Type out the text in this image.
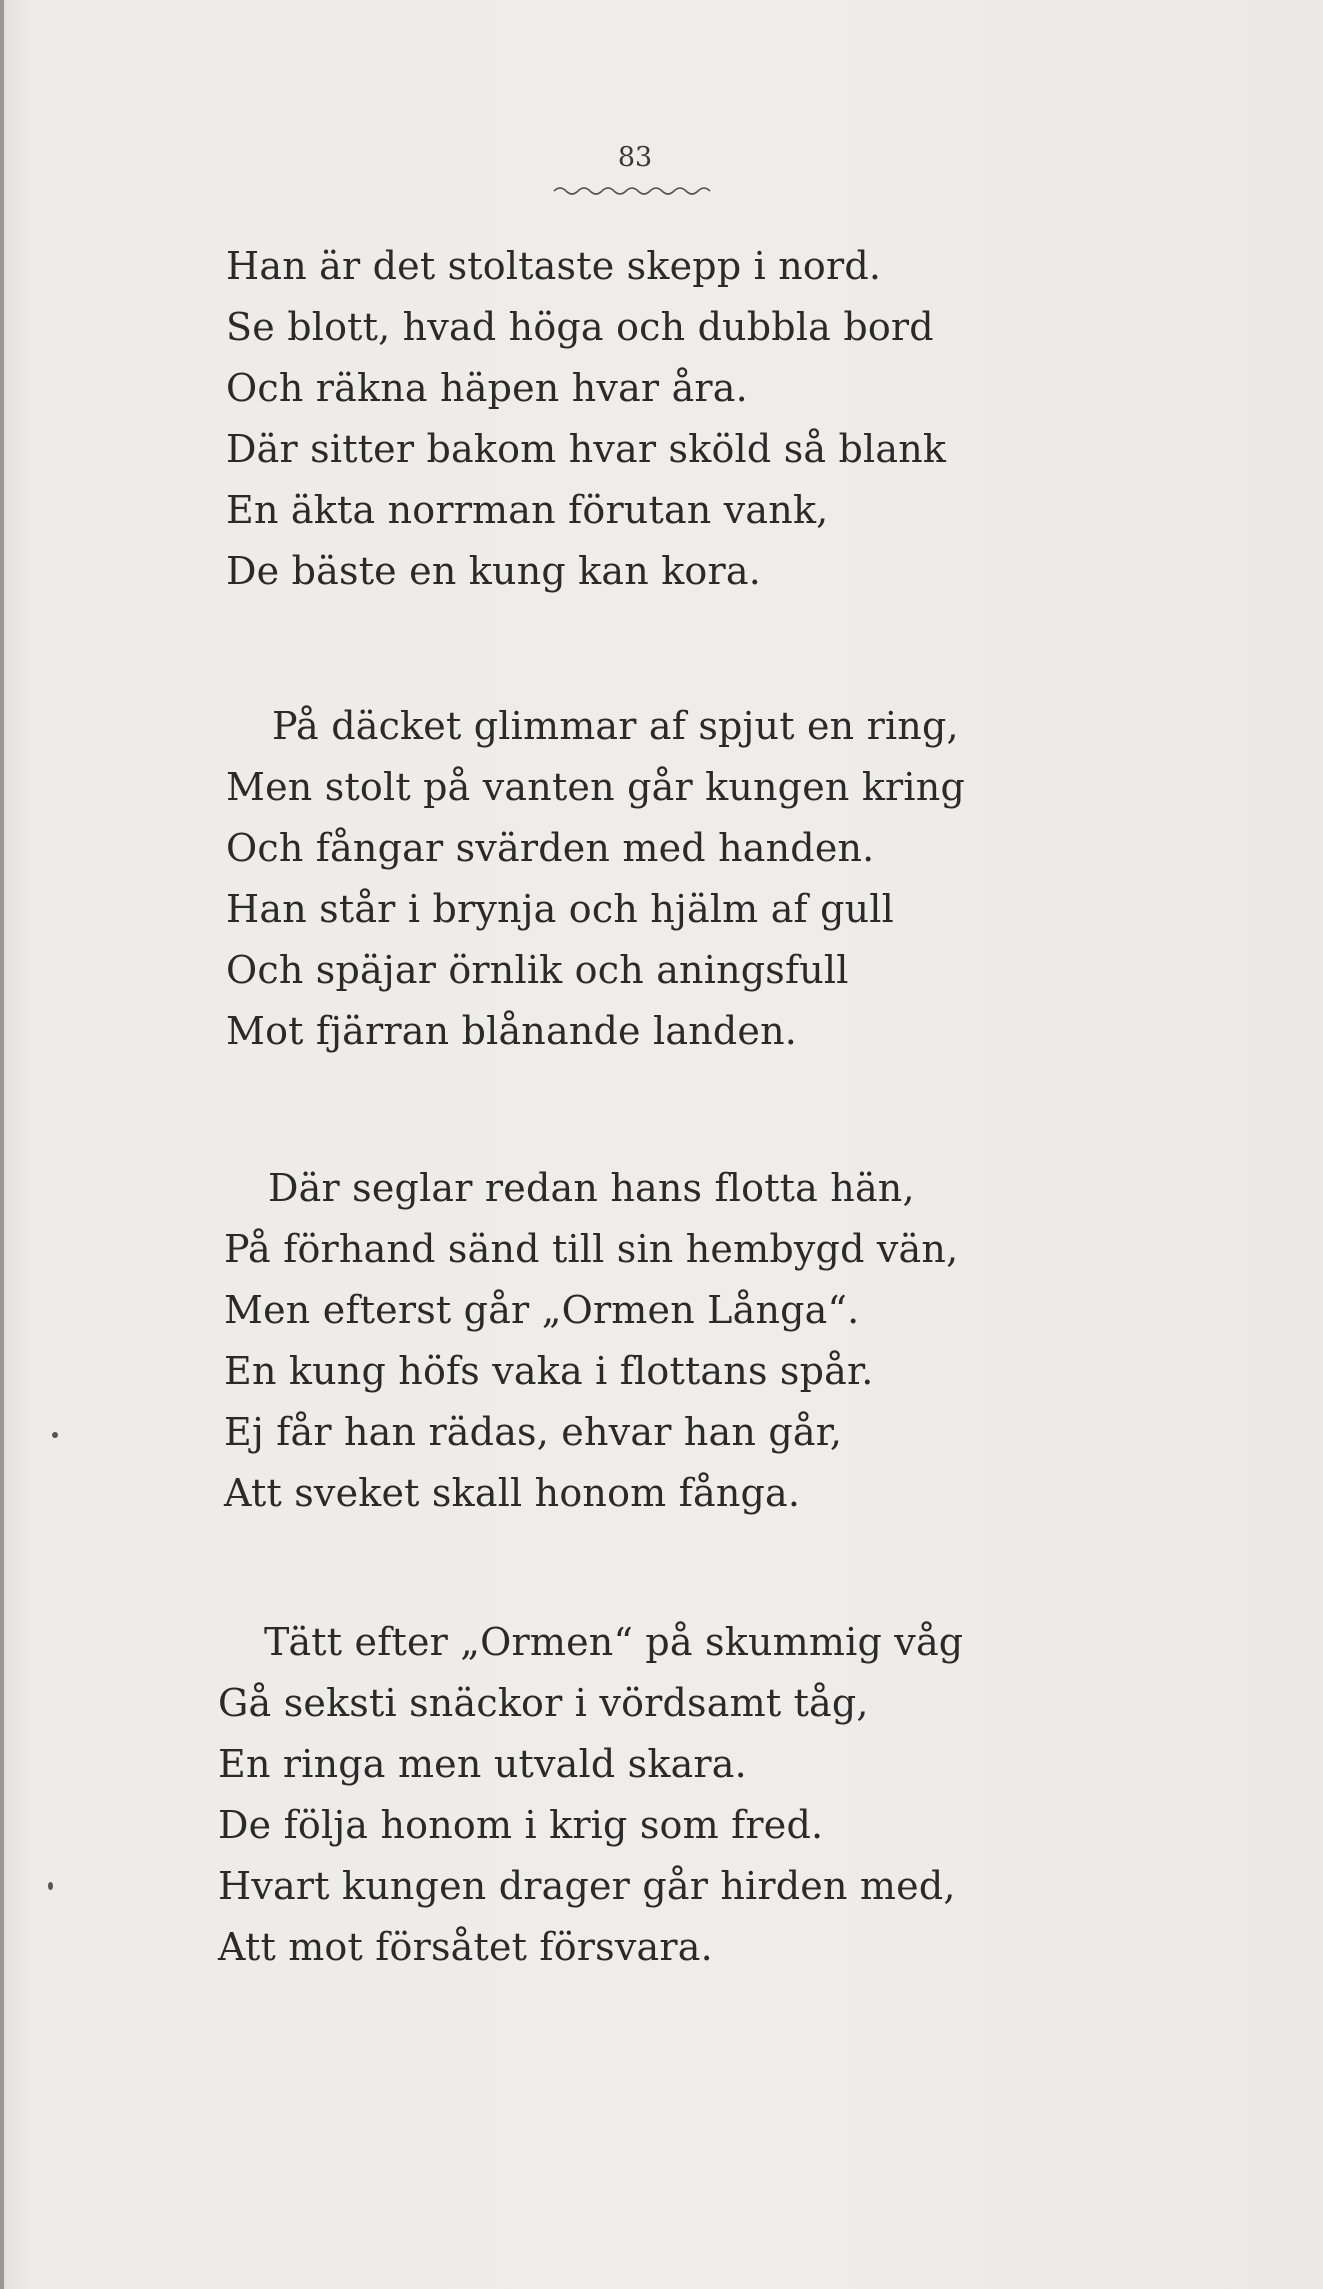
83
Han är det stoltaste skepp i nord.
Se blott, hvad höga och dubbla bord
Och räkna häpen hvar åra.
Där sitter bakom hvar sköld så blank
En äkta norrman förutan vank,
De bäste en kung kan kora.
På däcket glimmar af spjut en ring,
Men stolt på vanten går kungen kring
Och fångar svärden med handen.
Han står i brynja och hjälm af gull
Och späjar örnlik och aningsfull
Mot fjärran blånande landen.
Där seglar redan hans flotta hän,
På förhand sänd till sin hembygd vän,
Men efterst går „Ormen Långa“.
En kung höfs vaka i flottans spår.
Ej får han rädas, ehvar han går,
Att sveket skall honom fånga.
Tätt efter „Ormen“ på skummig våg
Gå seksti snäckor i vördsamt tåg,
En ringa men utvald skara.
De följa honom i krig som fred.
Hvart kungen drager går hirden med,
Att mot försåtet försvara.
